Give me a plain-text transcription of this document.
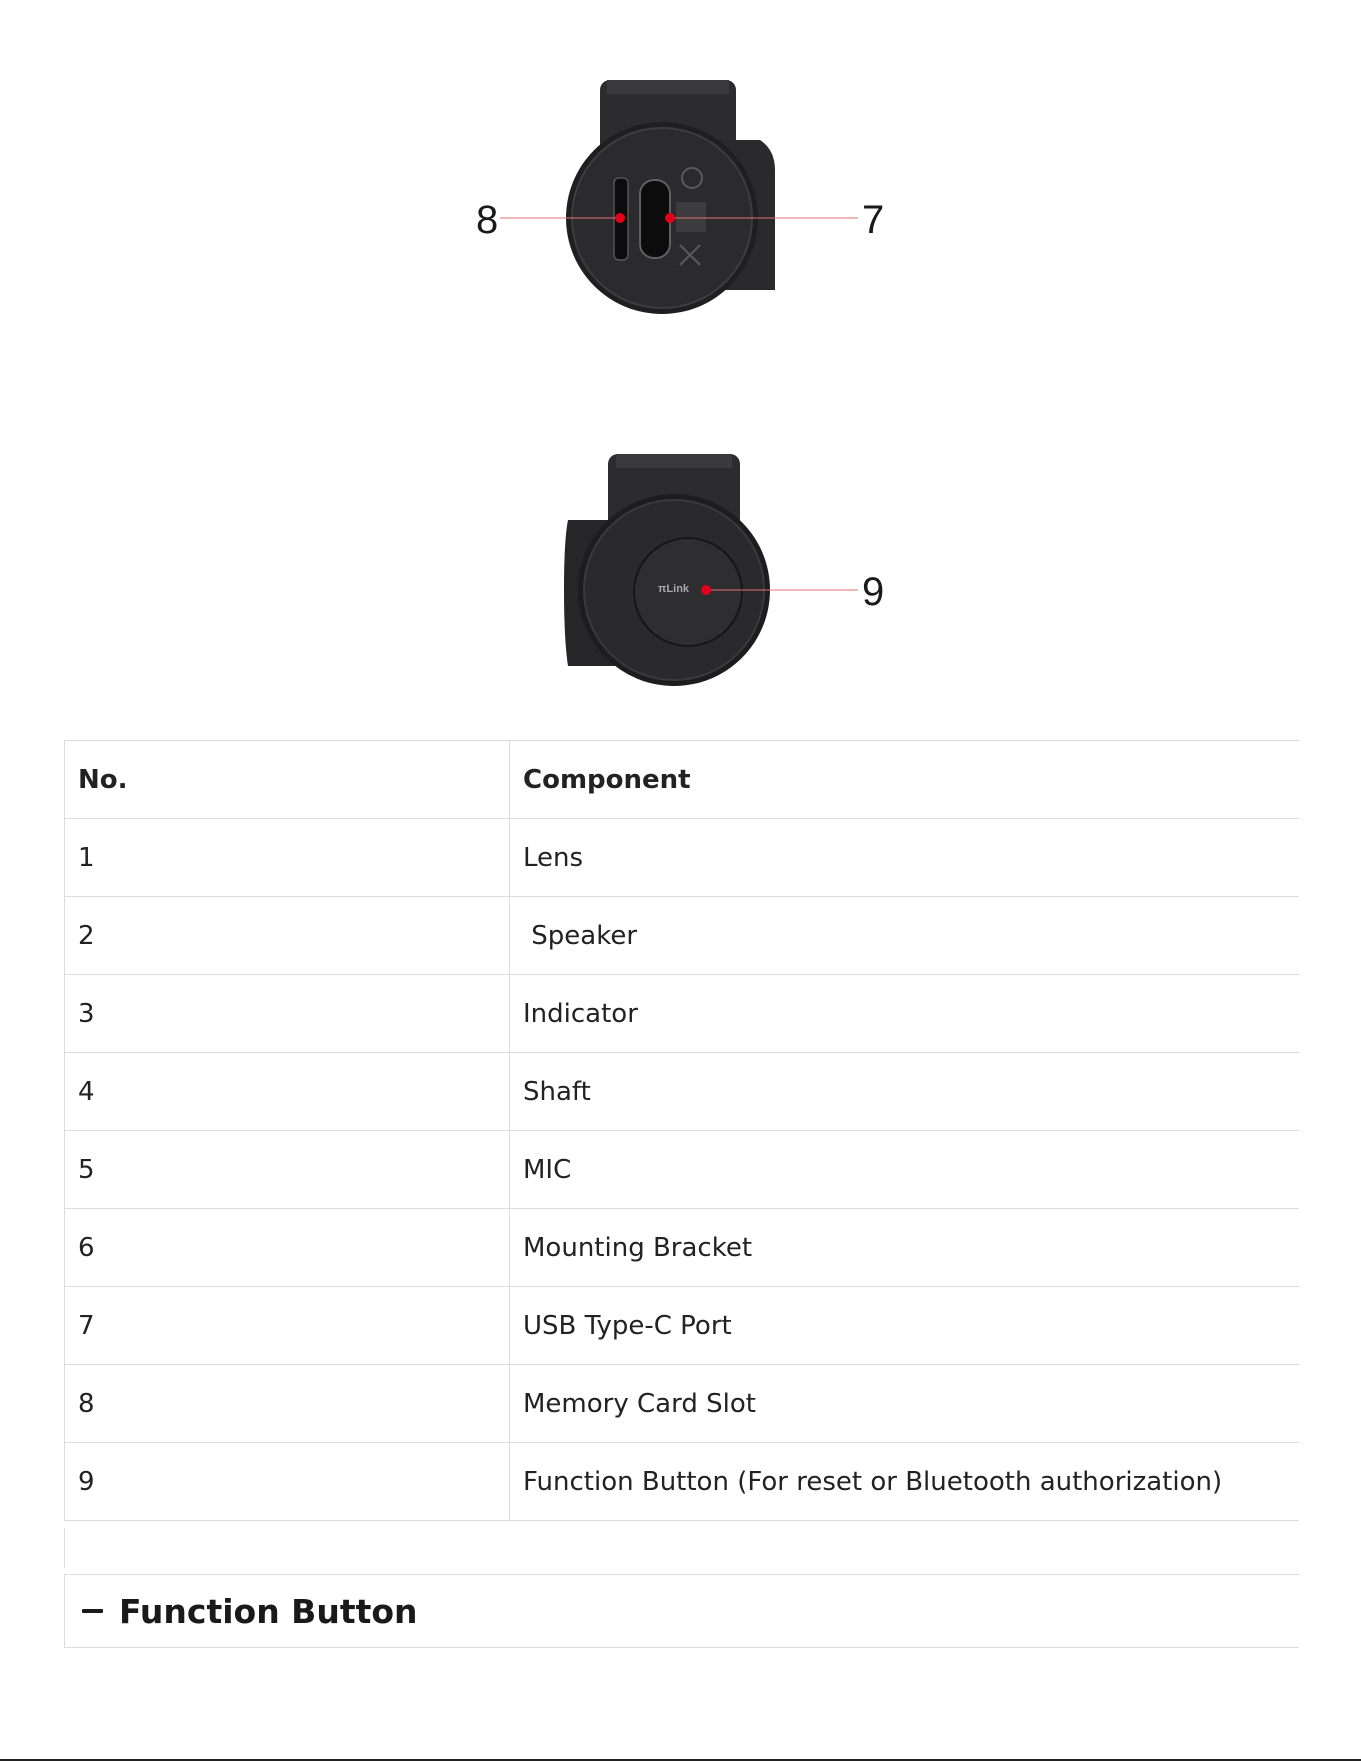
8	7
πLink	9
No.	Component
1	Lens
2	Speaker
3	Indicator
4	Shaft
5	MIC
6	Mounting Bracket
7	USB Type-C Port
8	Memory Card Slot
9	Function Button (For reset or Bluetooth authorization)
Function Button
